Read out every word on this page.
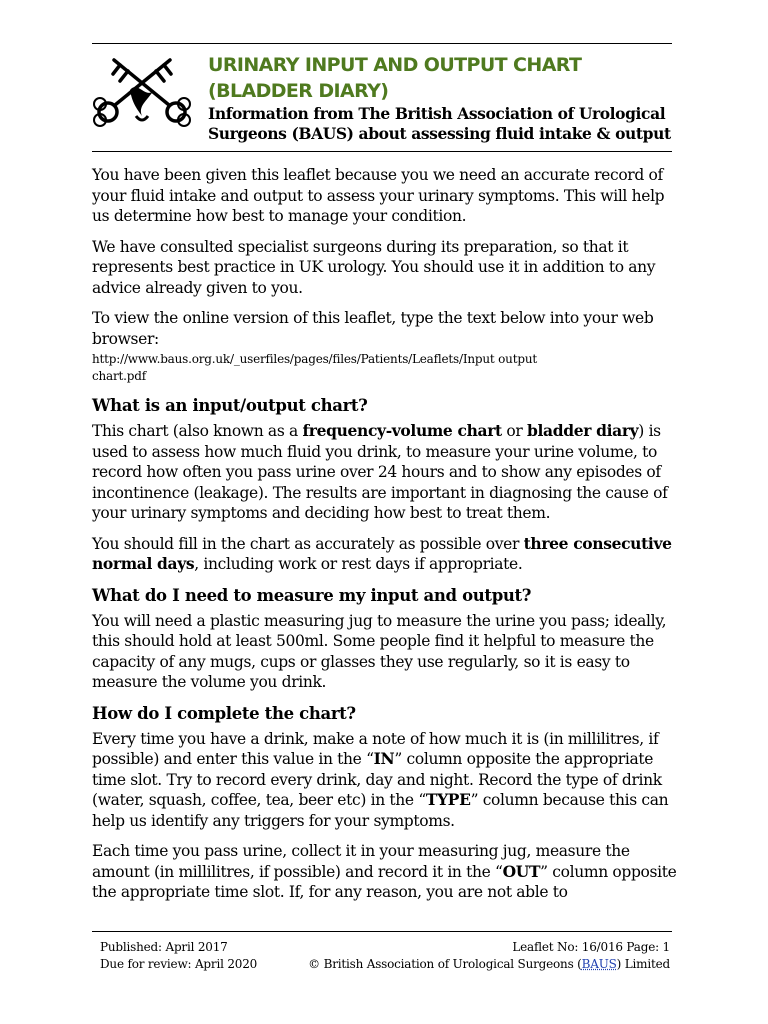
URINARY INPUT AND OUTPUT CHART
(BLADDER DIARY)
Information from The British Association of Urological
Surgeons (BAUS) about assessing fluid intake & output

You have been given this leaflet because you we need an accurate record of your fluid intake and output to assess your urinary symptoms. This will help us determine how best to manage your condition.

We have consulted specialist surgeons during its preparation, so that it represents best practice in UK urology. You should use it in addition to any advice already given to you.

To view the online version of this leaflet, type the text below into your web browser:

http://www.baus.org.uk/_userfiles/pages/files/Patients/Leaflets/Input output
chart.pdf
What is an input/output chart?

This chart (also known as a frequency-volume chart or bladder diary) is used to assess how much fluid you drink, to measure your urine volume, to record how often you pass urine over 24 hours and to show any episodes of incontinence (leakage). The results are important in diagnosing the cause of your urinary symptoms and deciding how best to treat them.

You should fill in the chart as accurately as possible over three consecutive normal days, including work or rest days if appropriate.

What do I need to measure my input and output?

You will need a plastic measuring jug to measure the urine you pass; ideally, this should hold at least 500ml. Some people find it helpful to measure the capacity of any mugs, cups or glasses they use regularly, so it is easy to measure the volume you drink.

How do I complete the chart?

Every time you have a drink, make a note of how much it is (in millilitres, if possible) and enter this value in the “IN” column opposite the appropriate time slot. Try to record every drink, day and night. Record the type of drink (water, squash, coffee, tea, beer etc) in the “TYPE” column because this can help us identify any triggers for your symptoms.

Each time you pass urine, collect it in your measuring jug, measure the amount (in millilitres, if possible) and record it in the “OUT” column opposite the appropriate time slot. If, for any reason, you are not able to

Published: April 2017
Due for review: April 2020
Leaflet No: 16/016 Page: 1
© British Association of Urological Surgeons (BAUS) Limited
